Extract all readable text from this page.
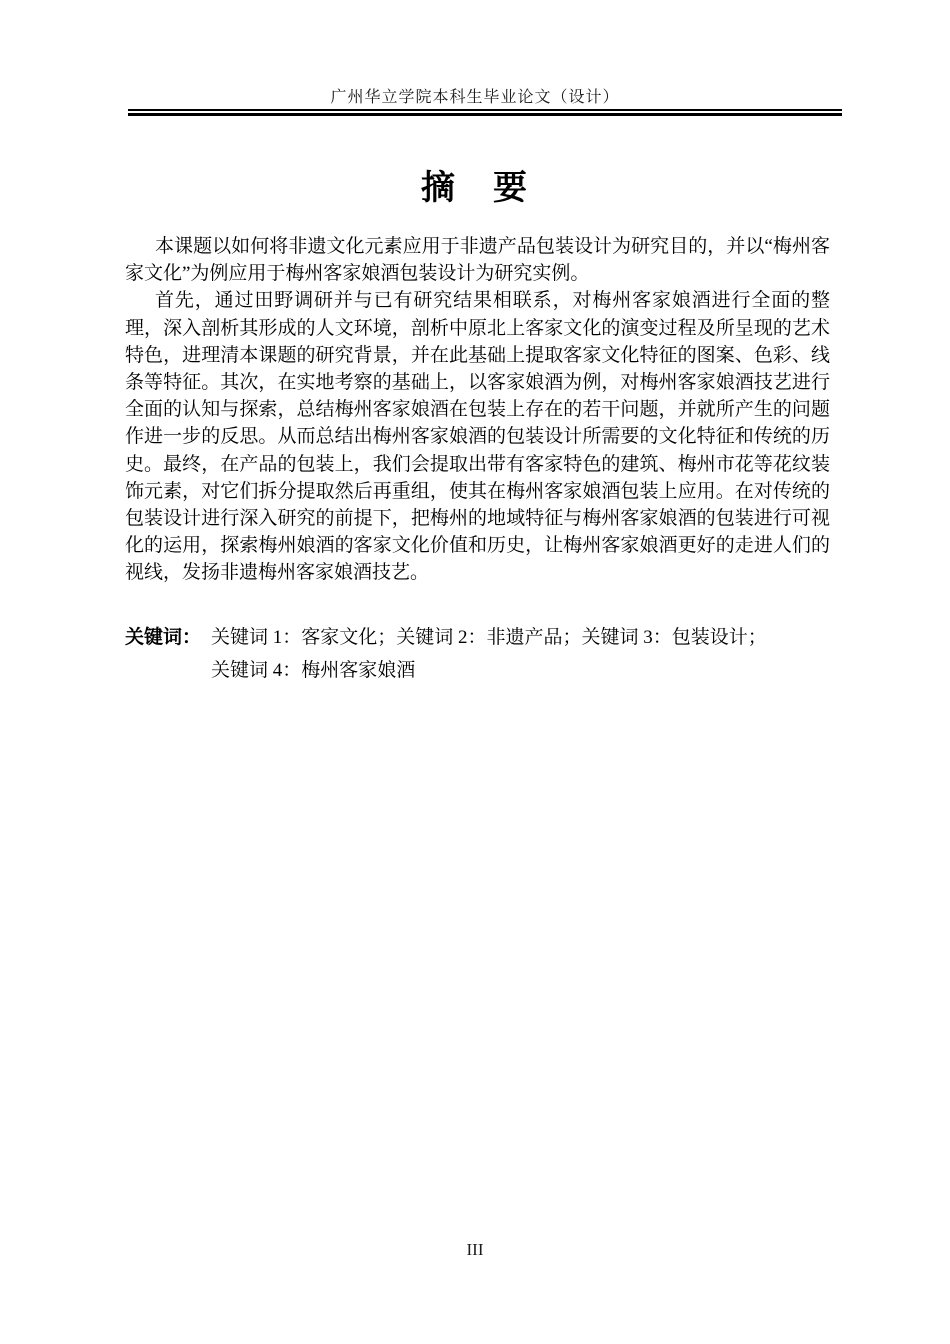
广州华立学院本科生毕业论文（设计）
摘　要

本课题以如何将非遗文化元素应用于非遗产品包装设计为研究目的，并以“梅州客家文化”为例应用于梅州客家娘酒包装设计为研究实例。

首先，通过田野调研并与已有研究结果相联系，对梅州客家娘酒进行全面的整理，深入剖析其形成的人文环境，剖析中原北上客家文化的演变过程及所呈现的艺术特色，进理清本课题的研究背景，并在此基础上提取客家文化特征的图案、色彩、线条等特征。其次，在实地考察的基础上，以客家娘酒为例，对梅州客家娘酒技艺进行全面的认知与探索，总结梅州客家娘酒在包装上存在的若干问题，并就所产生的问题作进一步的反思。从而总结出梅州客家娘酒的包装设计所需要的文化特征和传统的历史。最终，在产品的包装上，我们会提取出带有客家特色的建筑、梅州市花等花纹装饰元素，对它们拆分提取然后再重组，使其在梅州客家娘酒包装上应用。在对传统的包装设计进行深入研究的前提下，把梅州的地域特征与梅州客家娘酒的包装进行可视化的运用，探索梅州娘酒的客家文化价值和历史，让梅州客家娘酒更好的走进人们的视线，发扬非遗梅州客家娘酒技艺。

关键词： 关键词 1：客家文化；关键词 2：非遗产品；关键词 3：包装设计；
关键词 4：梅州客家娘酒
III
